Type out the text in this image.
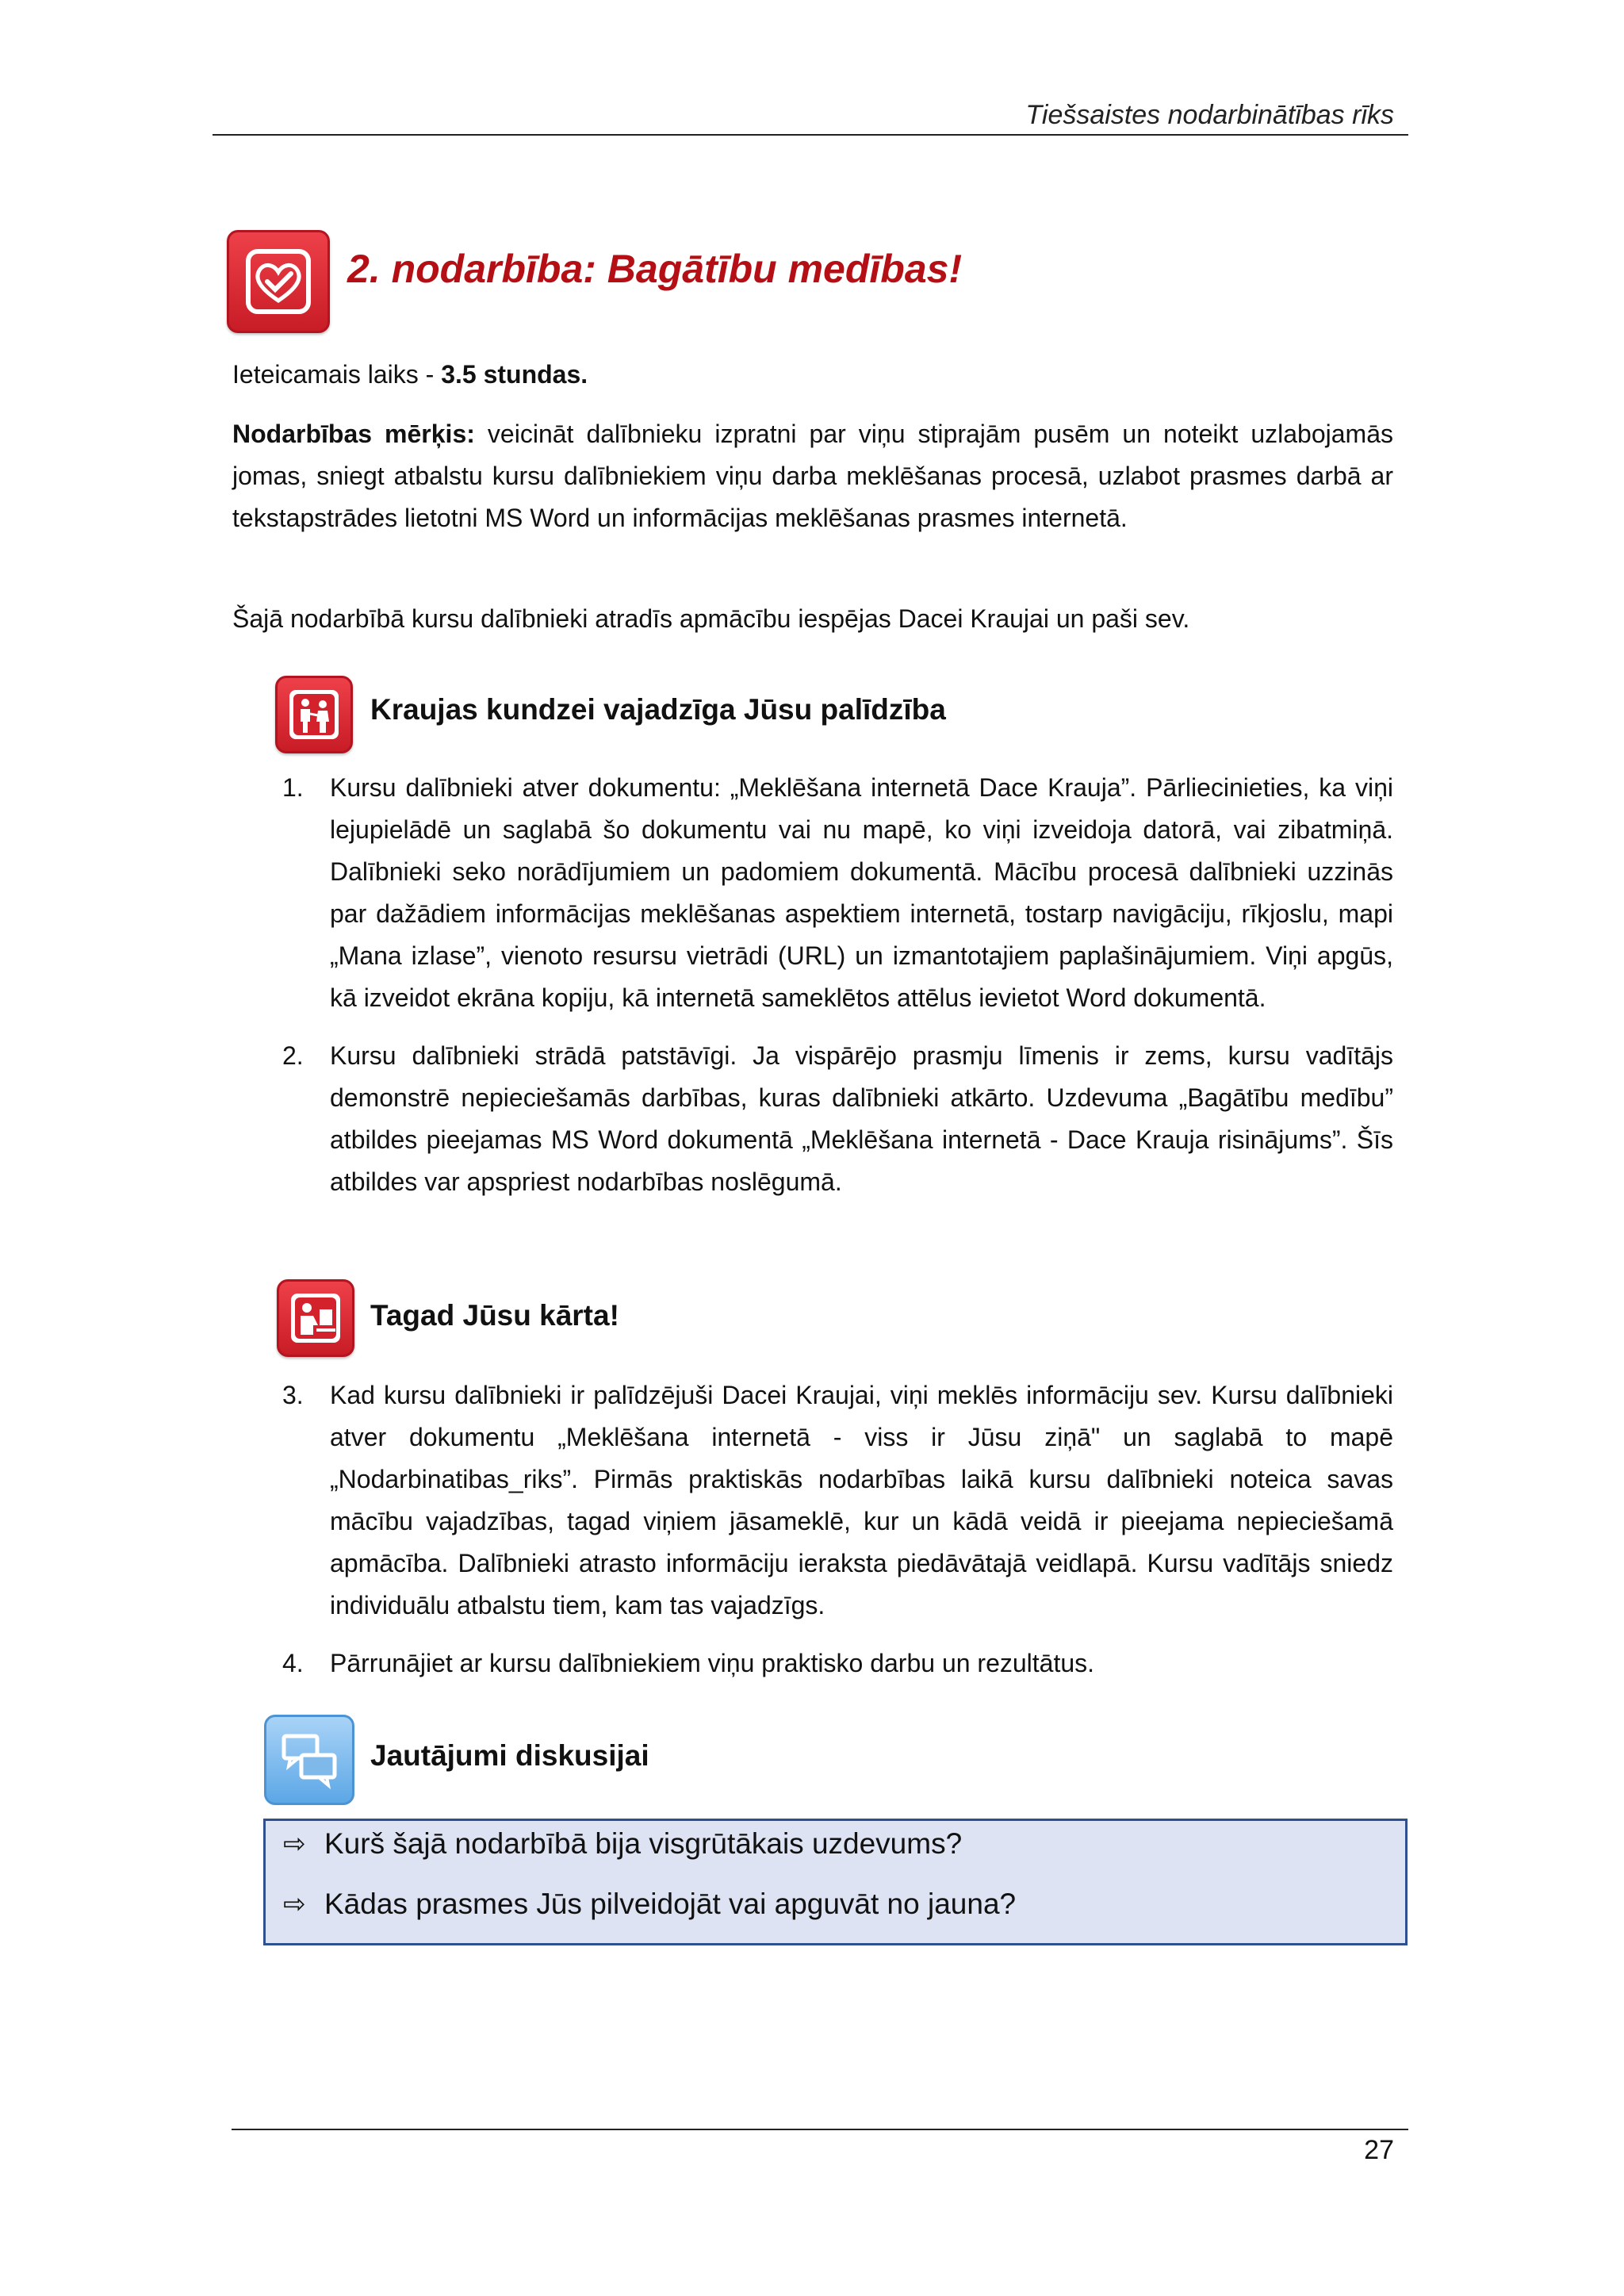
Tiešsaistes nodarbinātības rīks
2. nodarbība: Bagātību medības!
Ieteicamais laiks - 3.5 stundas.
Nodarbības mērķis: veicināt dalībnieku izpratni par viņu stiprajām pusēm un noteikt uzlabojamās jomas, sniegt atbalstu kursu dalībniekiem viņu darba meklēšanas procesā, uzlabot prasmes darbā ar tekstapstrādes lietotni MS Word un informācijas meklēšanas prasmes internetā.
Šajā nodarbībā kursu dalībnieki atradīs apmācību iespējas Dacei Kraujai un paši sev.
Kraujas kundzei vajadzīga Jūsu palīdzība
1. Kursu dalībnieki atver dokumentu: „Meklēšana internetā Dace Krauja”. Pārliecinieties, ka viņi lejupielādē un saglabā šo dokumentu vai nu mapē, ko viņi izveidoja datorā, vai zibatmiņā. Dalībnieki seko norādījumiem un padomiem dokumentā. Mācību procesā dalībnieki uzzinās par dažādiem informācijas meklēšanas aspektiem internetā, tostarp navigāciju, rīkjoslu, mapi „Mana izlase”, vienoto resursu vietrādi (URL) un izmantotajiem paplašinājumiem. Viņi apgūs, kā izveidot ekrāna kopiju, kā internetā sameklētos attēlus ievietot Word dokumentā.
2. Kursu dalībnieki strādā patstāvīgi. Ja vispārējo prasmju līmenis ir zems, kursu vadītājs demonstrē nepieciešamās darbības, kuras dalībnieki atkārto. Uzdevuma „Bagātību medību” atbildes pieejamas MS Word dokumentā „Meklēšana internetā - Dace Krauja risinājums”. Šīs atbildes var apspriest nodarbības noslēgumā.
Tagad Jūsu kārta!
3. Kad kursu dalībnieki ir palīdzējuši Dacei Kraujai, viņi meklēs informāciju sev. Kursu dalībnieki atver dokumentu „Meklēšana internetā - viss ir Jūsu ziņā" un saglabā to mapē „Nodarbinatibas_riks”. Pirmās praktiskās nodarbības laikā kursu dalībnieki noteica savas mācību vajadzības, tagad viņiem jāsameklē, kur un kādā veidā ir pieejama nepieciešamā apmācība. Dalībnieki atrasto informāciju ieraksta piedāvātajā veidlapā. Kursu vadītājs sniedz individuālu atbalstu tiem, kam tas vajadzīgs.
4. Pārrunājiet ar kursu dalībniekiem viņu praktisko darbu un rezultātus.
Jautājumi diskusijai
⇨ Kurš šajā nodarbībā bija visgrūtākais uzdevums?
⇨ Kādas prasmes Jūs pilveidojāt vai apguvāt no jauna?
27
